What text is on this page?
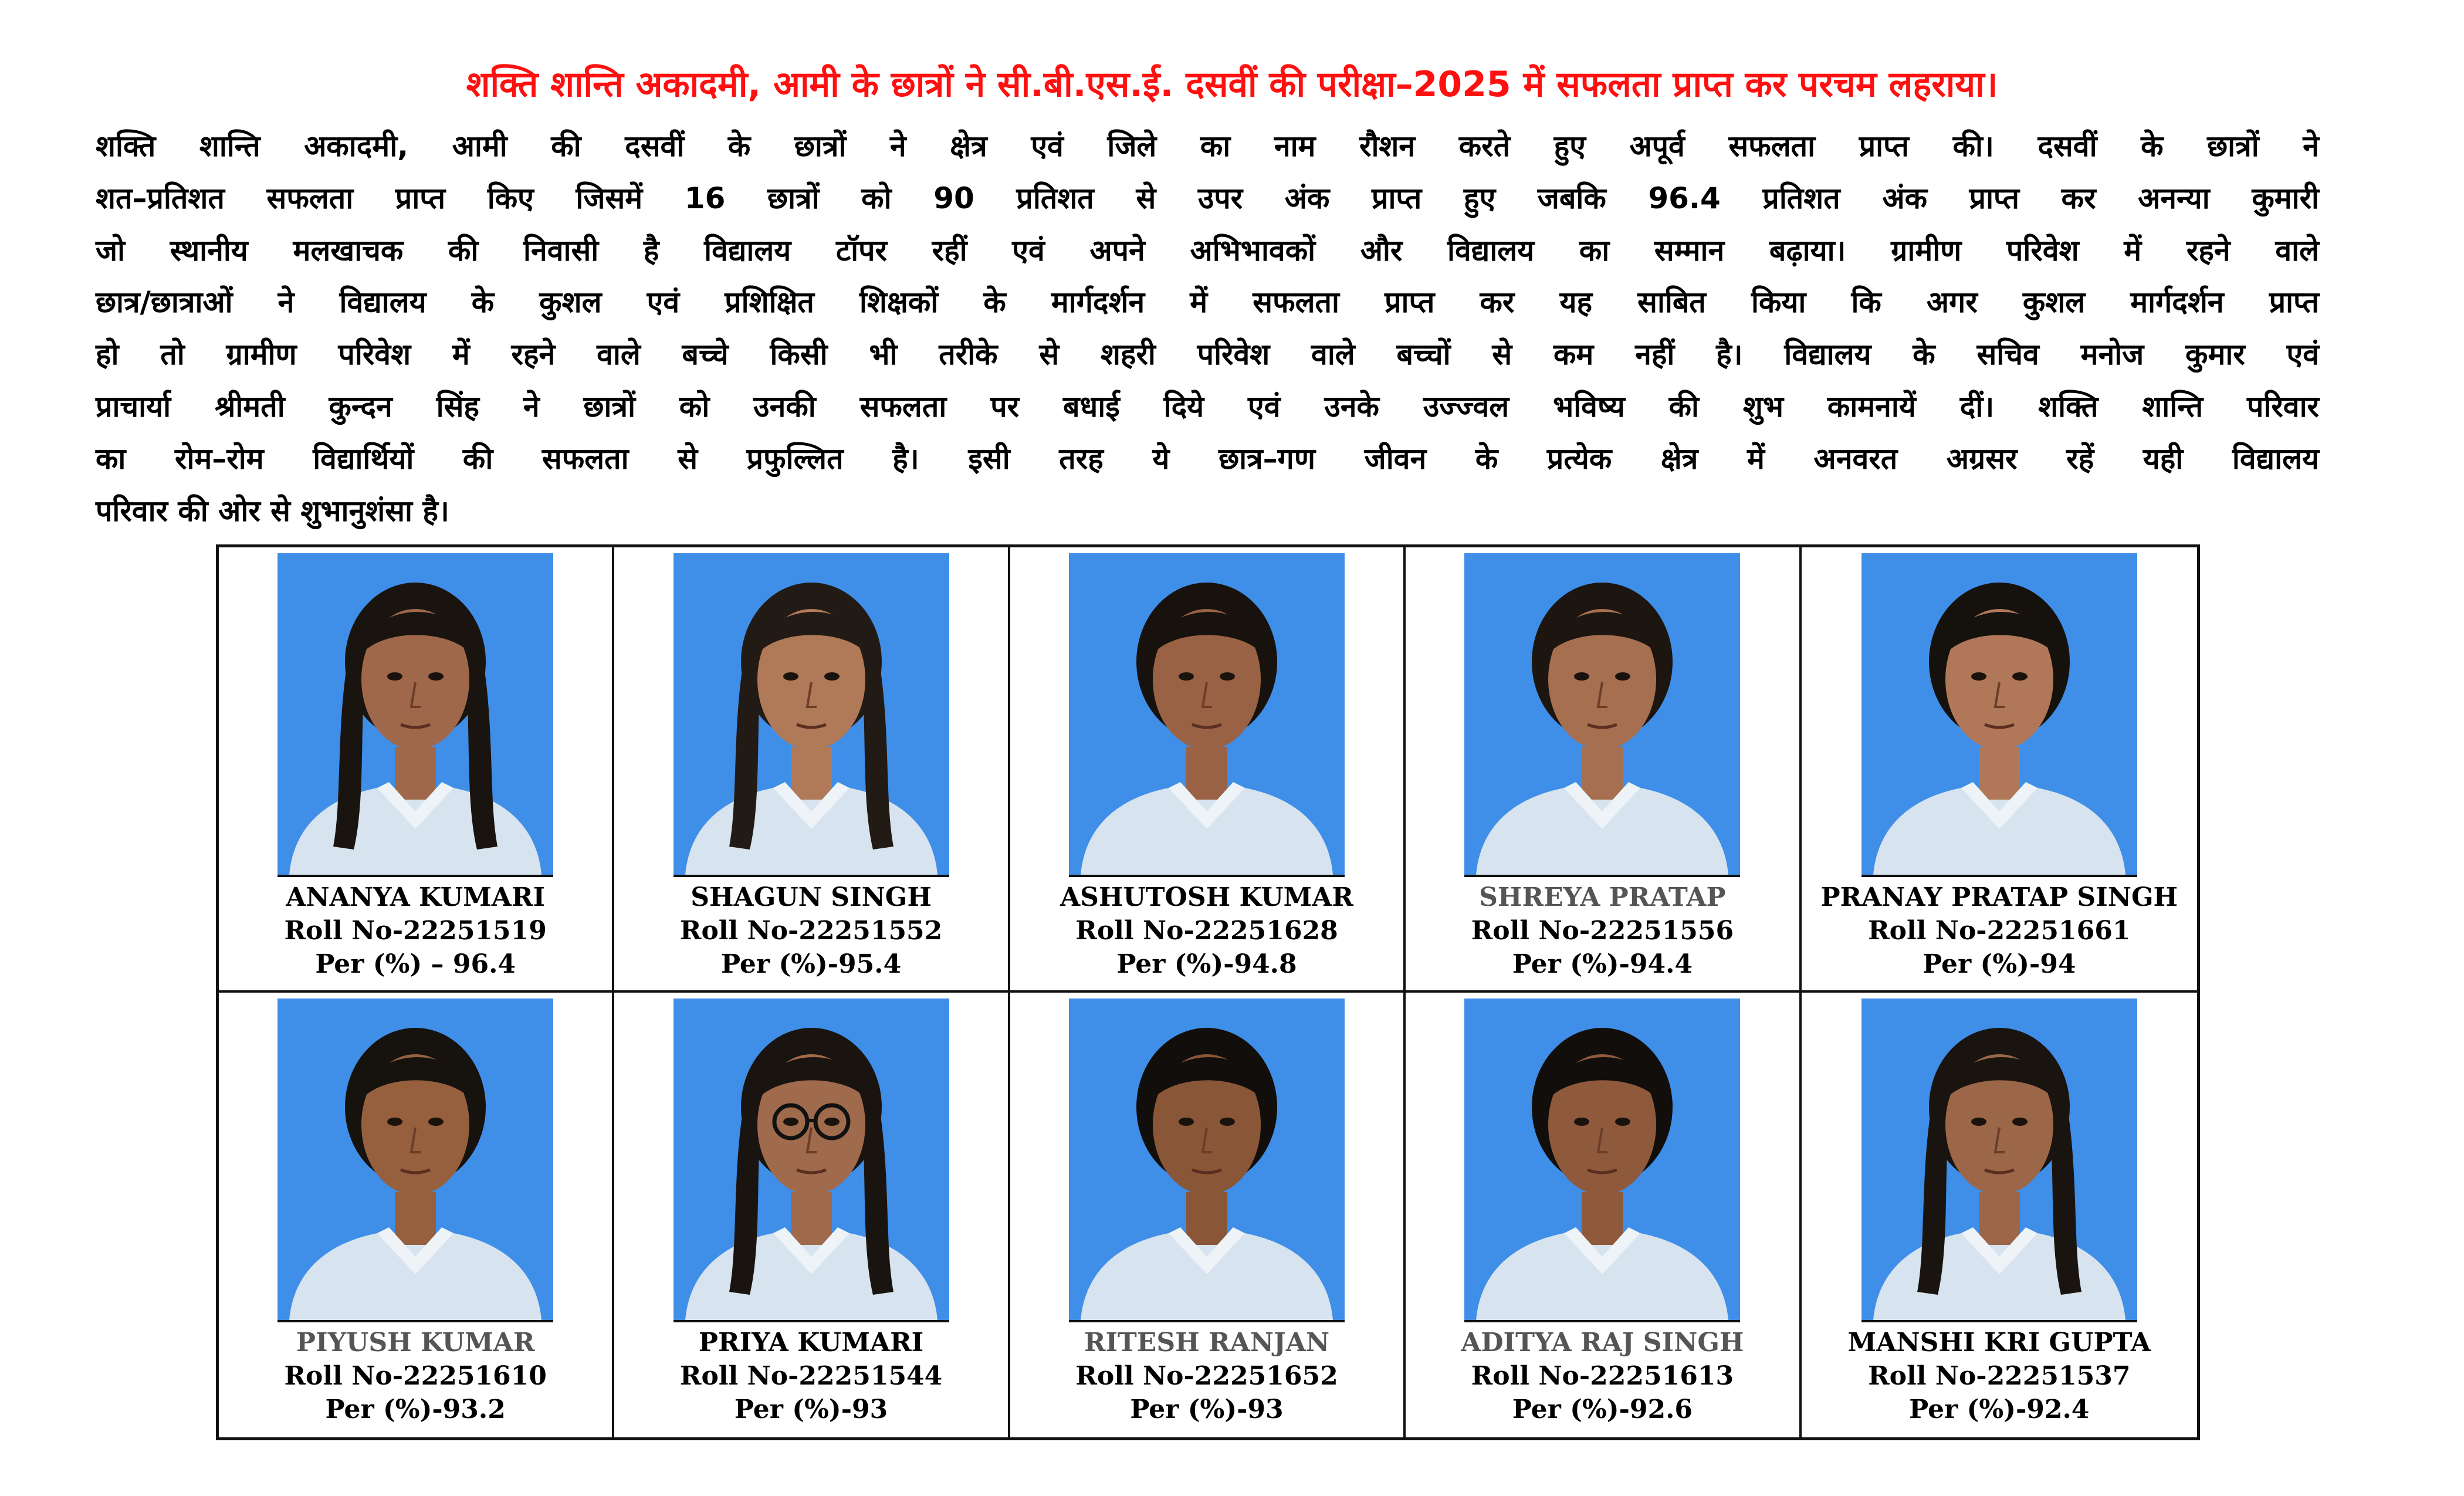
शक्ति शान्ति अकादमी, आमी के छात्रों ने सी.बी.एस.ई. दसवीं की परीक्षा–2025 में सफलता प्राप्त कर परचम लहराया।
शक्ति शान्ति अकादमी, आमी की दसवीं के छात्रों ने क्षेत्र एवं जिले का नाम रौशन करते हुए अपूर्व सफलता प्राप्त की। दसवीं के छात्रों ने
शत–प्रतिशत सफलता प्राप्त किए जिसमें 16 छात्रों को 90 प्रतिशत से उपर अंक प्राप्त हुए जबकि 96.4 प्रतिशत अंक प्राप्त कर अनन्या कुमारी
जो स्थानीय मलखाचक की निवासी है विद्यालय टॉपर रहीं एवं अपने अभिभावकों और विद्यालय का सम्मान बढ़ाया। ग्रामीण परिवेश में रहने वाले
छात्र/छात्राओं ने विद्यालय के कुशल एवं प्रशिक्षित शिक्षकों के मार्गदर्शन में सफलता प्राप्त कर यह साबित किया कि अगर कुशल मार्गदर्शन प्राप्त
हो तो ग्रामीण परिवेश में रहने वाले बच्चे किसी भी तरीके से शहरी परिवेश वाले बच्चों से कम नहीं है। विद्यालय के सचिव मनोज कुमार एवं
प्राचार्या श्रीमती कुन्दन सिंह ने छात्रों को उनकी सफलता पर बधाई दिये एवं उनके उज्ज्वल भविष्य की शुभ कामनायें दीं। शक्ति शान्ति परिवार
का रोम–रोम विद्यार्थियों की सफलता से प्रफुल्लित है। इसी तरह ये छात्र–गण जीवन के प्रत्येक क्षेत्र में अनवरत अग्रसर रहें यही विद्यालय
परिवार की ओर से शुभानुशंसा है।
ANANYA KUMARI
Roll No-22251519
Per (%) – 96.4
SHAGUN SINGH
Roll No-22251552
Per (%)-95.4
ASHUTOSH KUMAR
Roll No-22251628
Per (%)-94.8
SHREYA PRATAP
Roll No-22251556
Per (%)-94.4
PRANAY PRATAP SINGH
Roll No-22251661
Per (%)-94
PIYUSH KUMAR
Roll No-22251610
Per (%)-93.2
PRIYA KUMARI
Roll No-22251544
Per (%)-93
RITESH RANJAN
Roll No-22251652
Per (%)-93
ADITYA RAJ SINGH
Roll No-22251613
Per (%)-92.6
MANSHI KRI GUPTA
Roll No-22251537
Per (%)-92.4
